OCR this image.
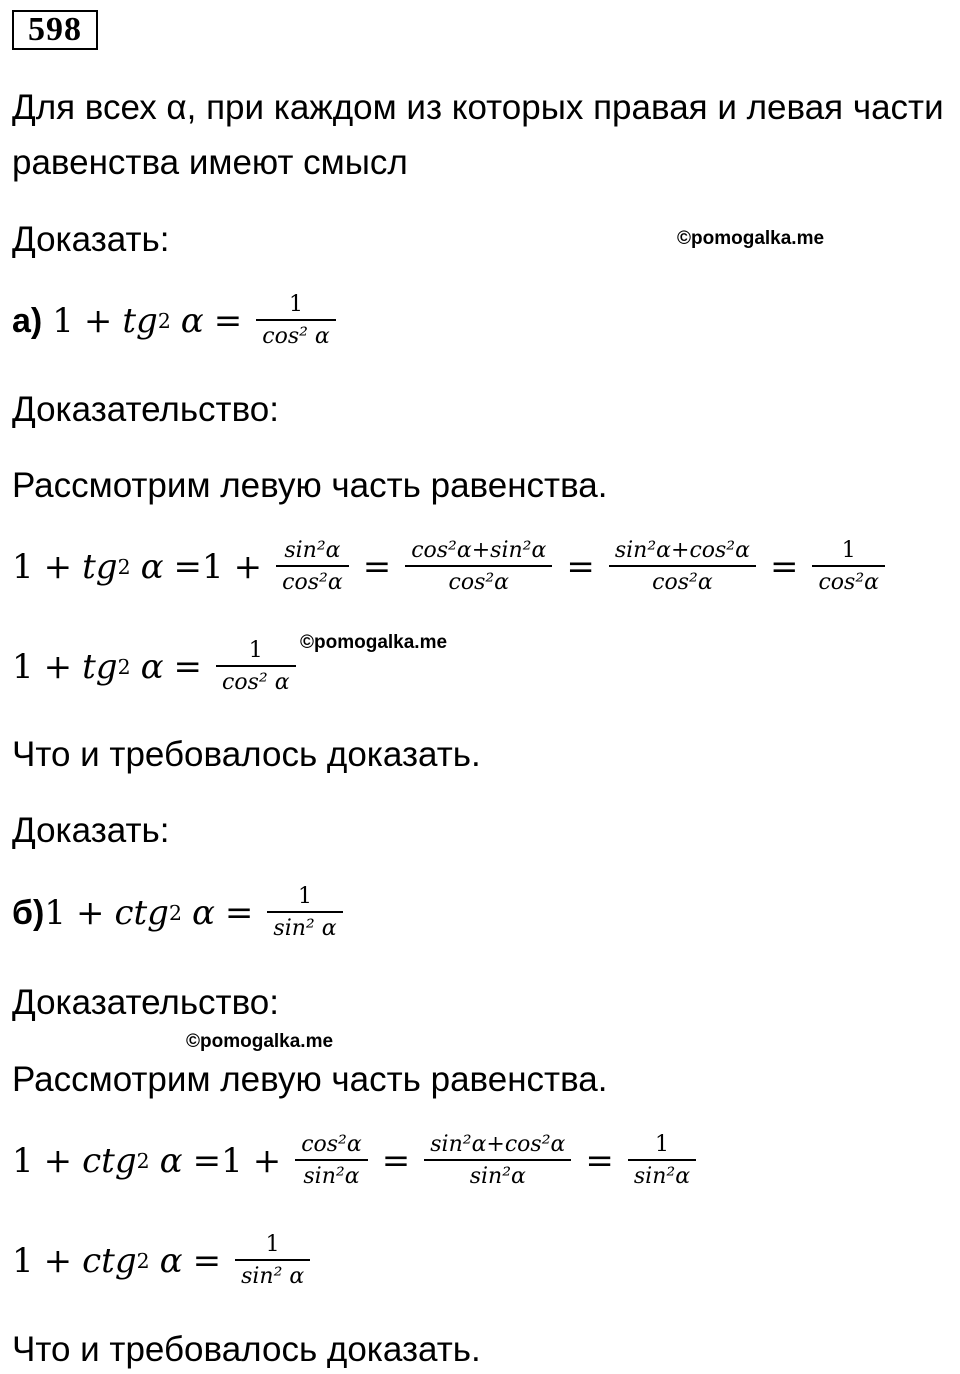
598
Для всех α, при каждом из которых правая и левая части
равенства имеют смысл
Доказать:	©pomogalka.me
а) 1 + tg 2 $\alpha = \frac{1}{\text{cos² α}}$
Доказательство:
Рассмотрим левую часть равенства.
1 + tg 2 $\alpha =1 + \frac{\text{sin²α}}{\text{cos²α}} = \frac{\text{cos²α+sin²α}}{\text{cos²α}} = \frac{\text{sin²α+cos²α}}{\text{cos²α}} = \frac{1}{\text{cos²α}}$
©pomogalka.me
1 + tg 2 $\alpha = \frac{1}{\text{cos² α}}$
Что и требовалось доказать.
Доказать:
б) 1 + ctg 2 $\alpha = \frac{1}{\text{sin² α}}$
Доказательство:
©pomogalka.me
Рассмотрим левую часть равенства.
1 + ctg 2 $\alpha =1 + \frac{\text{cos²α}}{\text{sin²α}} = \frac{\text{sin²α+cos²α}}{\text{sin²α}} = \frac{1}{\text{sin²α}}$
1 + ctg 2 $\alpha = \frac{1}{\text{sin² α}}$
Что и требовалось доказать.
